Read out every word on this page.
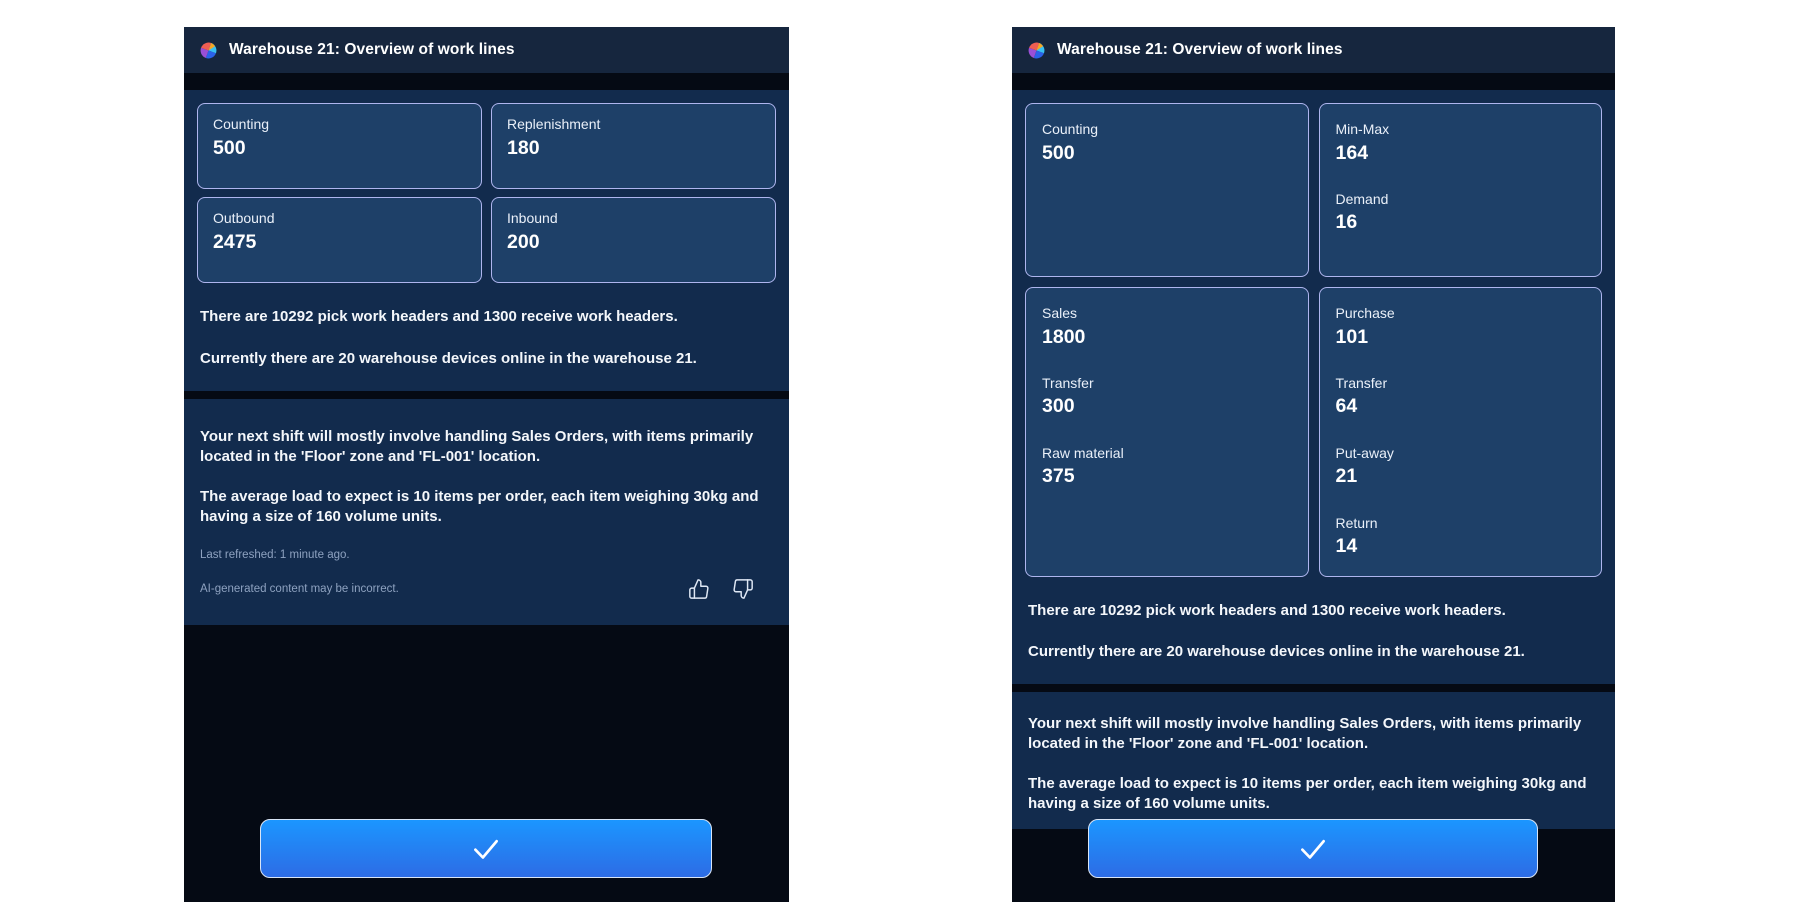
Warehouse 21: Overview of work lines
Counting
500
Replenishment
180
Outbound
2475
Inbound
200

There are 10292 pick work headers and 1300 receive work headers.

Currently there are 20 warehouse devices online in the warehouse 21.

Your next shift will mostly involve handling Sales Orders, with items primarily located in the 'Floor' zone and 'FL-001' location.

The average load to expect is 10 items per order, each item weighing 30kg and having a size of 160 volume units.

Last refreshed: 1 minute ago.
AI-generated content may be incorrect.
Warehouse 21: Overview of work lines
Counting
500
Min-Max
164
Demand
16
Sales
1800
Transfer
300
Raw material
375
Purchase
101
Transfer
64
Put-away
21
Return
14

There are 10292 pick work headers and 1300 receive work headers.

Currently there are 20 warehouse devices online in the warehouse 21.

Your next shift will mostly involve handling Sales Orders, with items primarily located in the 'Floor' zone and 'FL-001' location.

The average load to expect is 10 items per order, each item weighing 30kg and having a size of 160 volume units.
